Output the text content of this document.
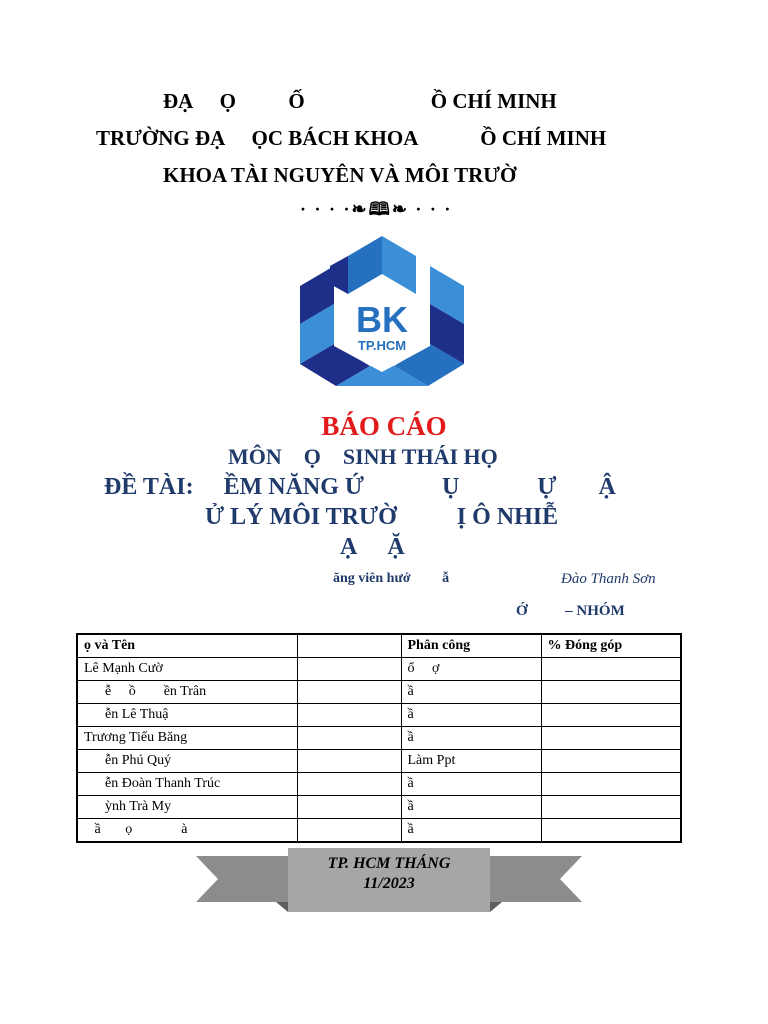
ĐẠ     Ọ          Ố                        Ồ CHÍ MINH
TRƯỜNG ĐẠ     ỌC BÁCH KHOA            Ồ CHÍ MINH
KHOA TÀI NGUYÊN VÀ MÔI TRƯỜ
· · · ·❧🕮❧ · · ·
BK
TP.HCM
BÁO CÁO
MÔN    Ọ    SINH THÁI HỌ
ĐỀ TÀI:     ỀM NĂNG Ứ             Ụ             Ự       Ậ
Ử LÝ MÔI TRƯỜ          Ị Ô NHIỄ
Ạ     Ặ
ăng viên hướ         ẫ	Đào Thanh Sơn
Ớ          – NHÓM
ọ và Tên		Phân công	% Đóng góp
Lê Mạnh Cườ		ổ     ợ	
ễ     ồ        ền Trân		ầ	
ễn Lê Thuậ		ầ	
Trương Tiểu Băng		ầ	
ễn Phú Quý		Làm Ppt	
ễn Đoàn Thanh Trúc		ầ	
ỳnh Trà My		ầ	
ầ       ọ              à		ầ	
TP. HCM THÁNG
11/2023
